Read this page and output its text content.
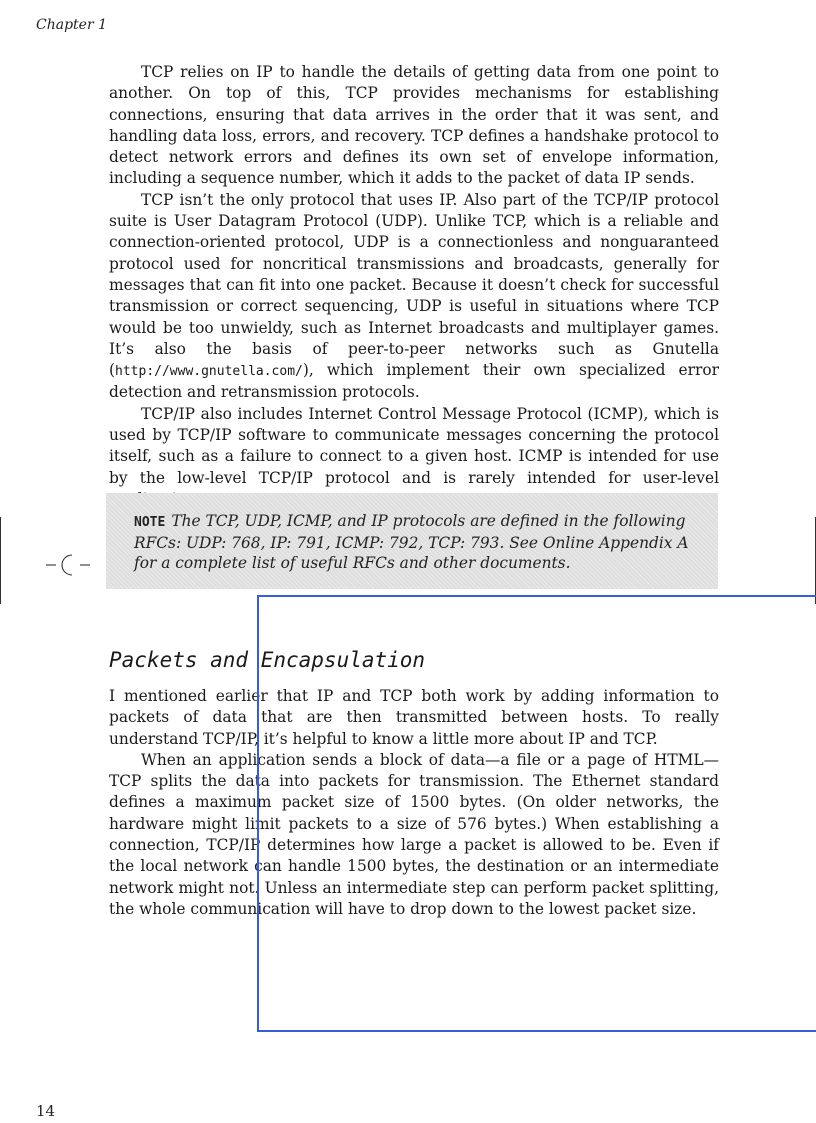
Chapter 1

TCP relies on IP to handle the details of getting data from one point to another. On top of this, TCP provides mechanisms for establishing connections, ensuring that data arrives in the order that it was sent, and handling data loss, errors, and recovery. TCP defines a handshake protocol to detect network errors and defines its own set of envelope information, including a sequence number, which it adds to the packet of data IP sends.

TCP isn’t the only protocol that uses IP. Also part of the TCP/IP protocol suite is User Datagram Protocol (UDP). Unlike TCP, which is a reliable and connection-oriented protocol, UDP is a connectionless and nonguaranteed protocol used for noncritical transmissions and broadcasts, generally for messages that can fit into one packet. Because it doesn’t check for successful transmission or correct sequencing, UDP is useful in situations where TCP would be too unwieldy, such as Internet broadcasts and multiplayer games. It’s also the basis of peer-to-peer networks such as Gnutella (http://www.gnutella.com/), which implement their own specialized error detection and retransmission protocols.

TCP/IP also includes Internet Control Message Protocol (ICMP), which is used by TCP/IP software to communicate messages concerning the protocol itself, such as a failure to connect to a given host. ICMP is intended for use by the low-level TCP/IP protocol and is rarely intended for user-level

NOTE The TCP, UDP, ICMP, and IP protocols are defined in the following RFCs: UDP: 768, IP: 791, ICMP: 792, TCP: 793. See Online Appendix A for a complete list of useful RFCs and other documents.
Packets and Encapsulation

I mentioned earlier that IP and TCP both work by adding information to packets of data that are then transmitted between hosts. To really understand TCP/IP, it’s helpful to know a little more about IP and TCP.

When an application sends a block of data—a file or a page of HTML—TCP splits the data into packets for transmission. The Ethernet standard defines a maximum packet size of 1500 bytes. (On older networks, the hardware might limit packets to a size of 576 bytes.) When establishing a connection, TCP/IP determines how large a packet is allowed to be. Even if the local network can handle 1500 bytes, the destination or an intermediate network might not. Unless an intermediate step can perform packet splitting, the whole communication will have to drop down to the lowest packet size.

14
